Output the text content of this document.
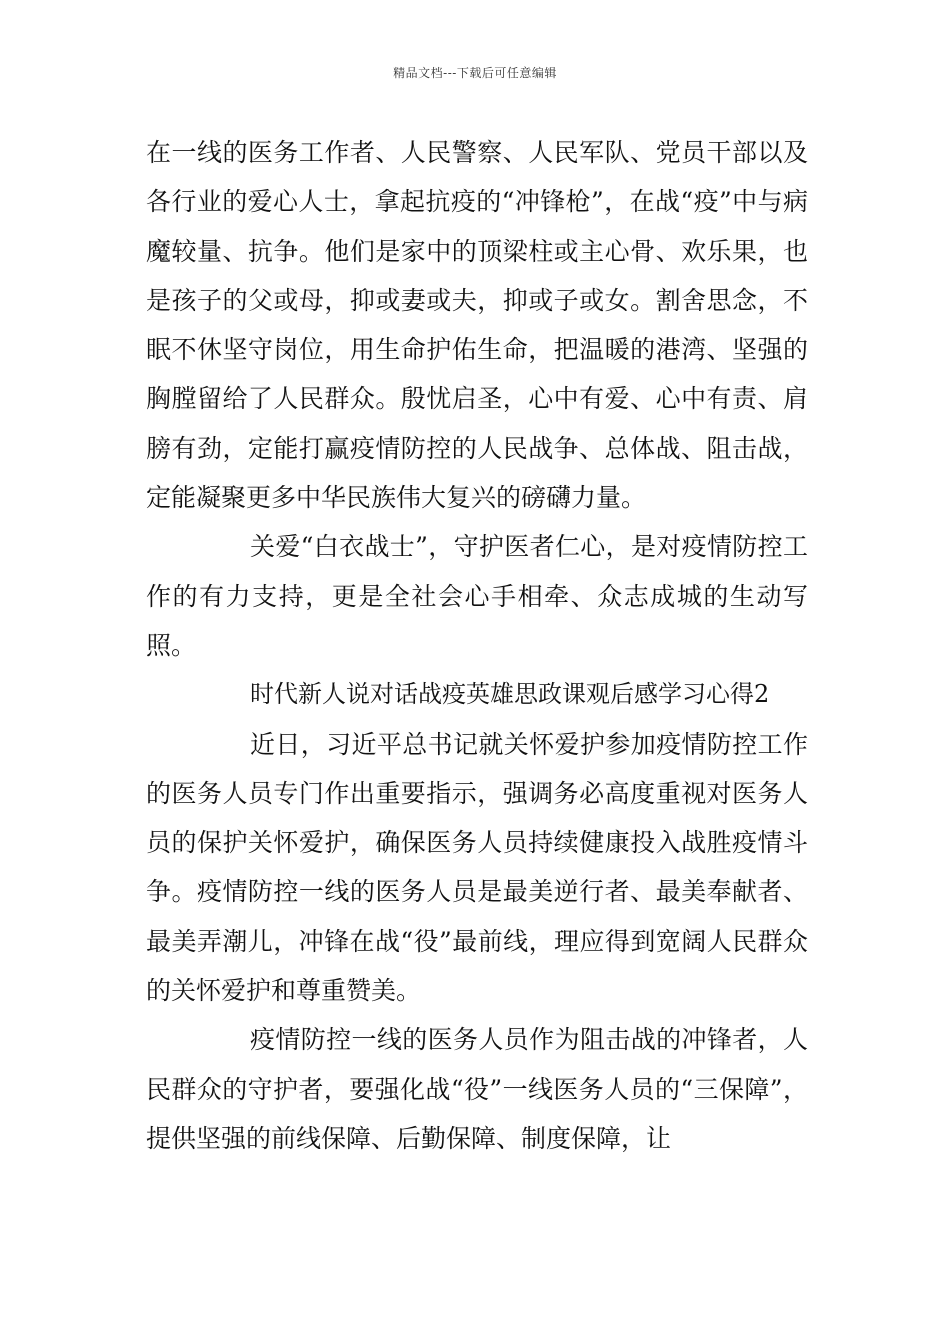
精品文档---下载后可任意编辑

在一线的医务工作者、人民警察、人民军队、党员干部以及各行业的爱心人士，拿起抗疫的“冲锋枪”，在战“疫”中与病魔较量、抗争。他们是家中的顶梁柱或主心骨、欢乐果，也是孩子的父或母，抑或妻或夫，抑或子或女。割舍思念，不眠不休坚守岗位，用生命护佑生命，把温暖的港湾、坚强的胸膛留给了人民群众。殷忧启圣，心中有爱、心中有责、肩膀有劲，定能打赢疫情防控的人民战争、总体战、阻击战，定能凝聚更多中华民族伟大复兴的磅礴力量。

关爱“白衣战士”，守护医者仁心，是对疫情防控工作的有力支持，更是全社会心手相牵、众志成城的生动写照。

时代新人说对话战疫英雄思政课观后感学习心得2

近日，习近平总书记就关怀爱护参加疫情防控工作的医务人员专门作出重要指示，强调务必高度重视对医务人员的保护关怀爱护，确保医务人员持续健康投入战胜疫情斗争。疫情防控一线的医务人员是最美逆行者、最美奉献者、最美弄潮儿，冲锋在战“役”最前线，理应得到宽阔人民群众的关怀爱护和尊重赞美。

疫情防控一线的医务人员作为阻击战的冲锋者，人民群众的守护者，要强化战“役”一线医务人员的“三保障”，提供坚强的前线保障、后勤保障、制度保障，让
